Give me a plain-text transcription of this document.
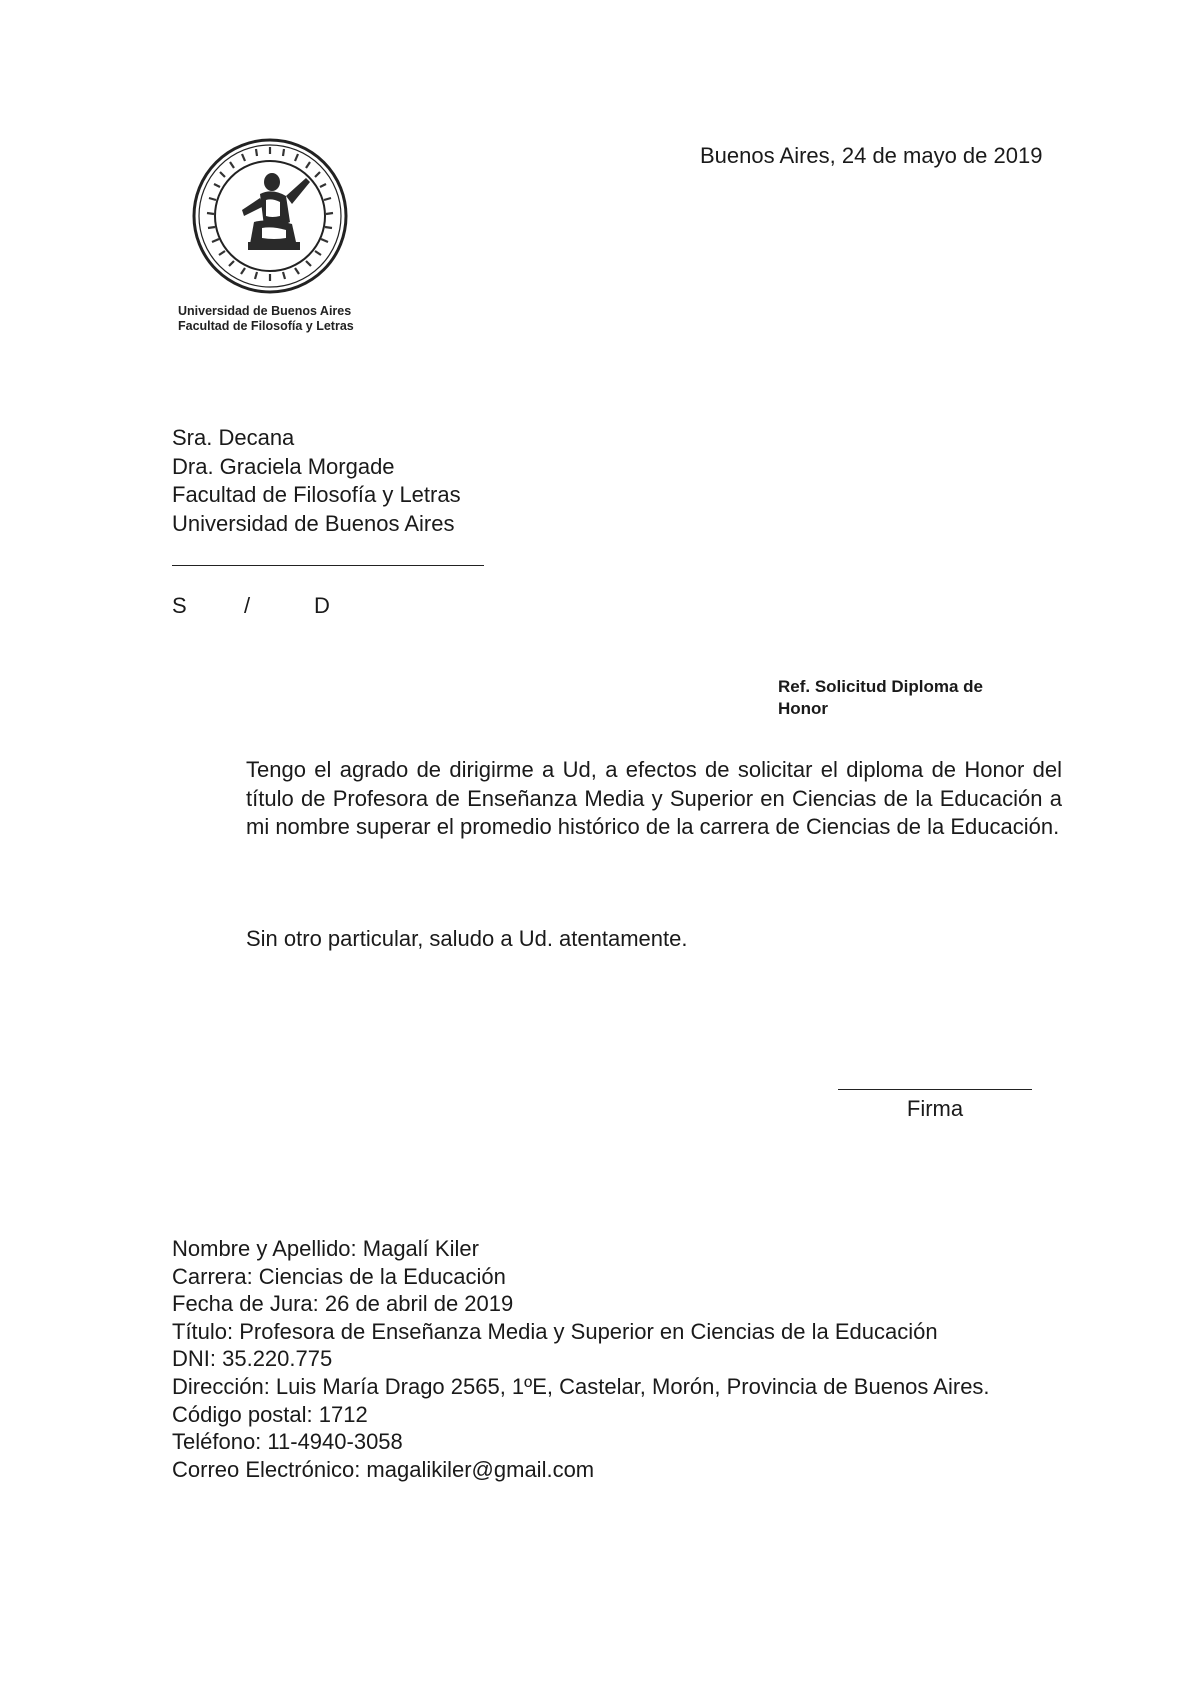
Universidad de Buenos Aires
Facultad de Filosofía y Letras
Buenos Aires, 24 de mayo de 2019
Sra. Decana
Dra. Graciela Morgade
Facultad de Filosofía y Letras
Universidad de Buenos Aires
S	/	D
Ref. Solicitud Diploma de Honor
Tengo el agrado de dirigirme a Ud, a efectos de solicitar el diploma de Honor del título de Profesora de Enseñanza Media y Superior en Ciencias de la Educación a mi nombre superar el promedio histórico de la carrera de Ciencias de la Educación.
Sin otro particular, saludo a Ud. atentamente.
Firma
Nombre y Apellido: Magalí Kiler
Carrera: Ciencias de la Educación
Fecha de Jura: 26 de abril de 2019
Título: Profesora de Enseñanza Media y Superior en Ciencias de la Educación
DNI: 35.220.775
Dirección: Luis María Drago 2565, 1ºE, Castelar, Morón, Provincia de Buenos Aires.
Código postal: 1712
Teléfono: 11-4940-3058
Correo Electrónico: magalikiler@gmail.com
